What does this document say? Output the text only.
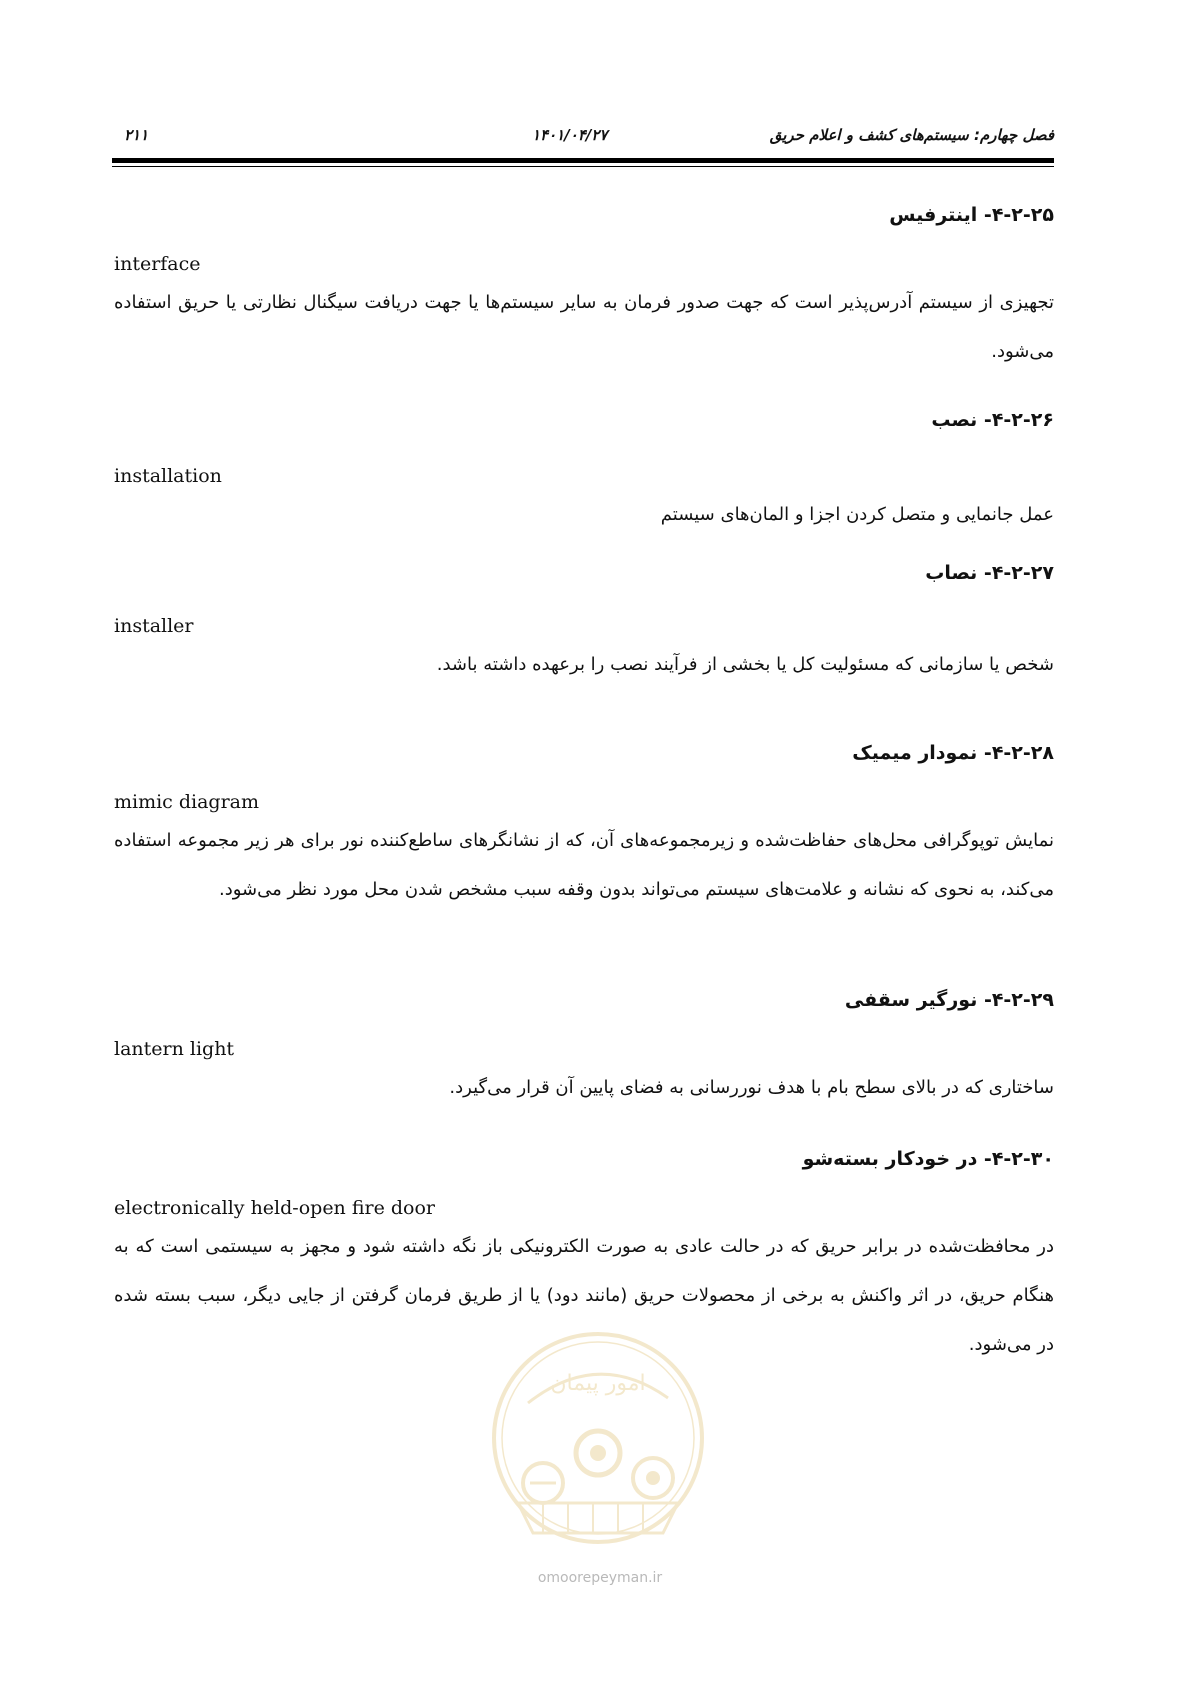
فصل چهارم: سیستم‌های کشف و اعلام حریق
۱۴۰۱/۰۴/۲۷
۲۱۱
۴-۲-۲۵- اینترفیس
interface
تجهیزی از سیستم آدرس‌پذیر است که جهت صدور فرمان به سایر سیستم‌ها یا جهت دریافت سیگنال نظارتی یا حریق استفاده می‌شود.
۴-۲-۲۶- نصب
installation
عمل جانمایی و متصل کردن اجزا و المان‌های سیستم
۴-۲-۲۷- نصاب
installer
شخص یا سازمانی که مسئولیت کل یا بخشی از فرآیند نصب را برعهده داشته باشد.
۴-۲-۲۸- نمودار میمیک
mimic diagram
نمایش توپوگرافی محل‌های حفاظت‌شده و زیرمجموعه‌های آن، که از نشانگرهای ساطع‌کننده نور برای هر زیر مجموعه استفاده می‌کند، به نحوی که نشانه و علامت‌های سیستم می‌تواند بدون وقفه سبب مشخص شدن محل مورد نظر می‌شود.
۴-۲-۲۹- نورگیر سقفی
lantern light
ساختاری که در بالای سطح بام با هدف نوررسانی به فضای پایین آن قرار می‌گیرد.
۴-۲-۳۰- در خودکار بسته‌شو
electronically held-open fire door
در محافظت‌شده در برابر حریق که در حالت عادی به صورت الکترونیکی باز نگه داشته شود و مجهز به سیستمی است که به هنگام حریق، در اثر واکنش به برخی از محصولات حریق (مانند دود) یا از طریق فرمان گرفتن از جایی دیگر، سبب بسته شده در می‌شود.
امور پیمان
omoorepeyman.ir
